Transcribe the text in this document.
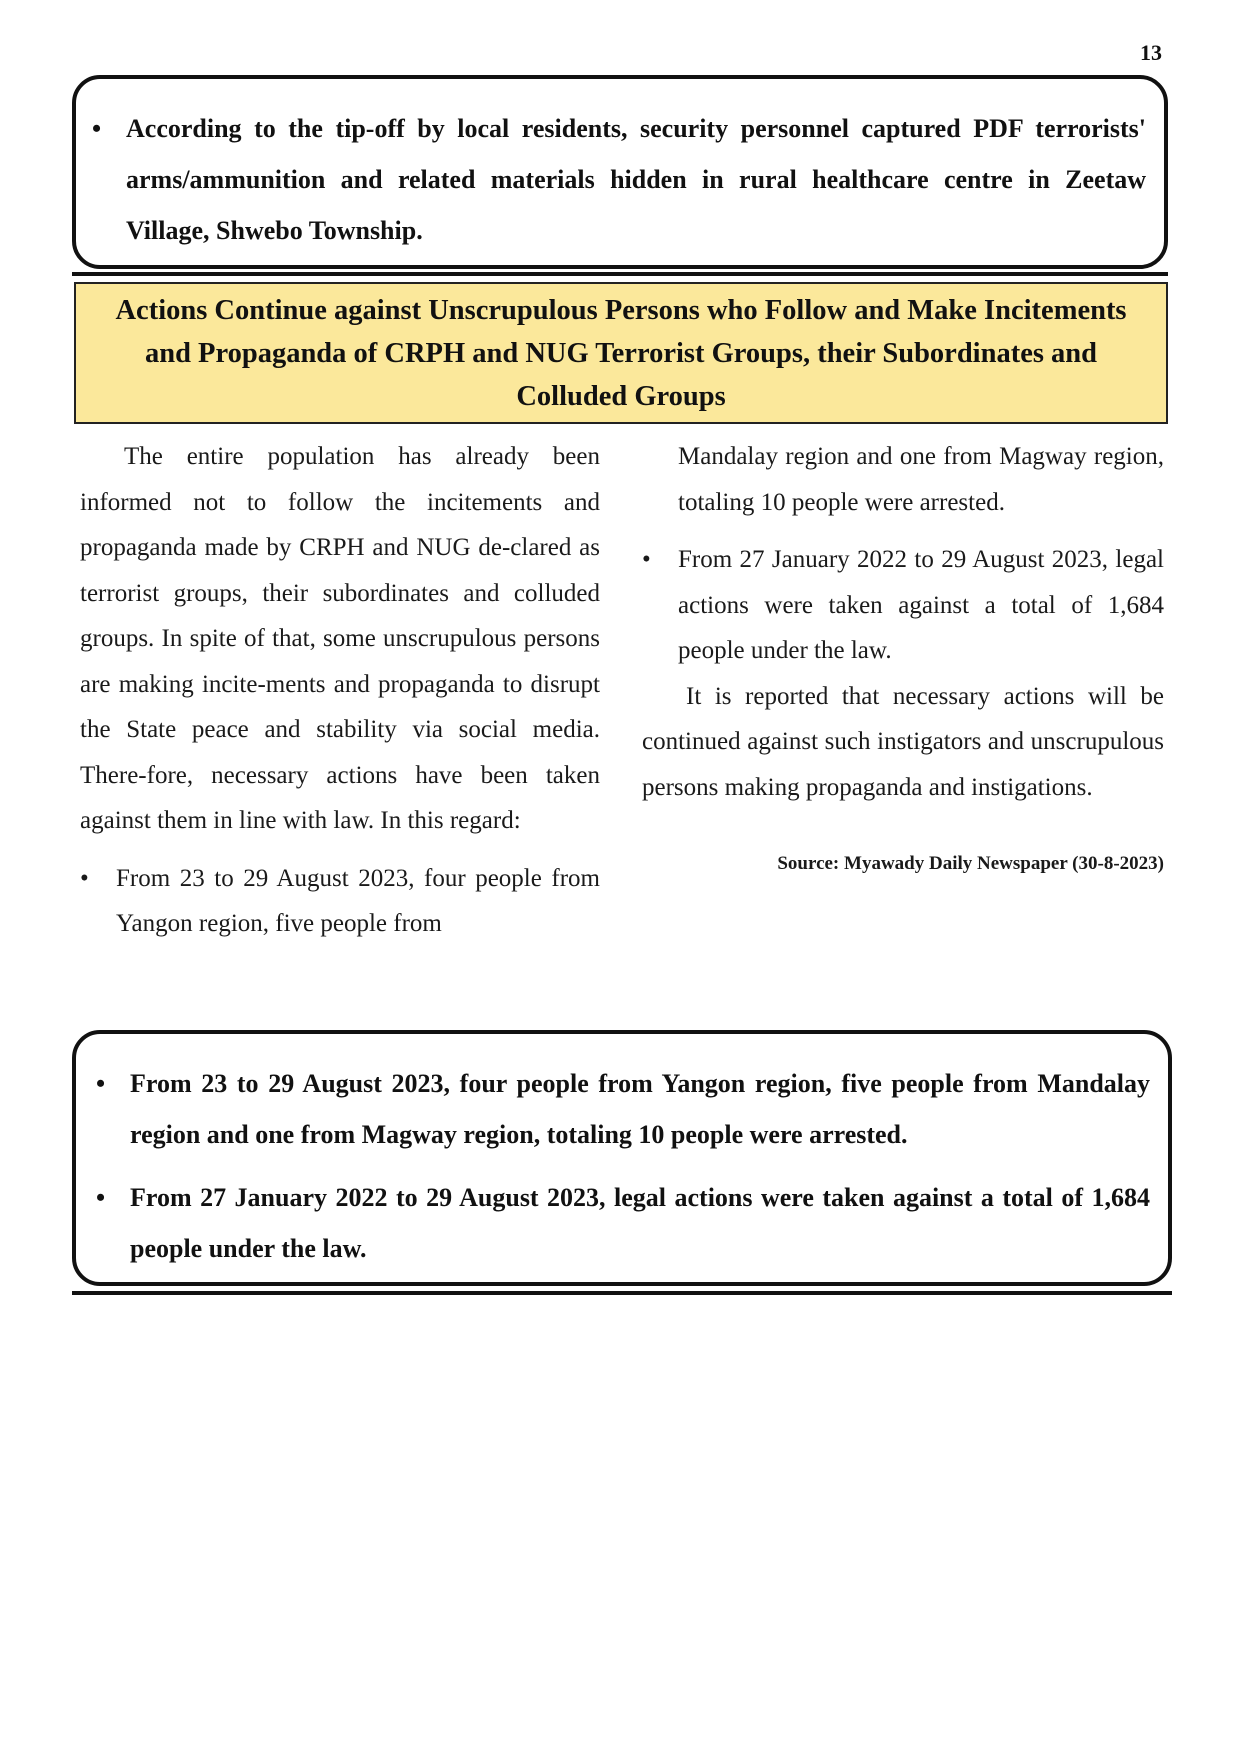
13
• According to the tip-off by local residents, security personnel captured PDF terrorists' arms/ammunition and related materials hidden in rural healthcare centre in Zeetaw Village, Shwebo Township.
Actions Continue against Unscrupulous Persons who Follow and Make Incitements and Propaganda of CRPH and NUG Terrorist Groups, their Subordinates and Colluded Groups

The entire population has already been informed not to follow the incitements and propaganda made by CRPH and NUG de-clared as terrorist groups, their subordinates and colluded groups. In spite of that, some unscrupulous persons are making incite-ments and propaganda to disrupt the State peace and stability via social media. There-fore, necessary actions have been taken against them in line with law. In this regard:

• From 23 to 29 August 2023, four people from Yangon region, five people from

Mandalay region and one from Magway region, totaling 10 people were arrested.

• From 27 January 2022 to 29 August 2023, legal actions were taken against a total of 1,684 people under the law.

It is reported that necessary actions will be continued against such instigators and unscrupulous persons making propaganda and instigations.

Source: Myawady Daily Newspaper (30-8-2023)
• From 23 to 29 August 2023, four people from Yangon region, five people from Mandalay region and one from Magway region, totaling 10 people were arrested.
• From 27 January 2022 to 29 August 2023, legal actions were taken against a total of 1,684 people under the law.
